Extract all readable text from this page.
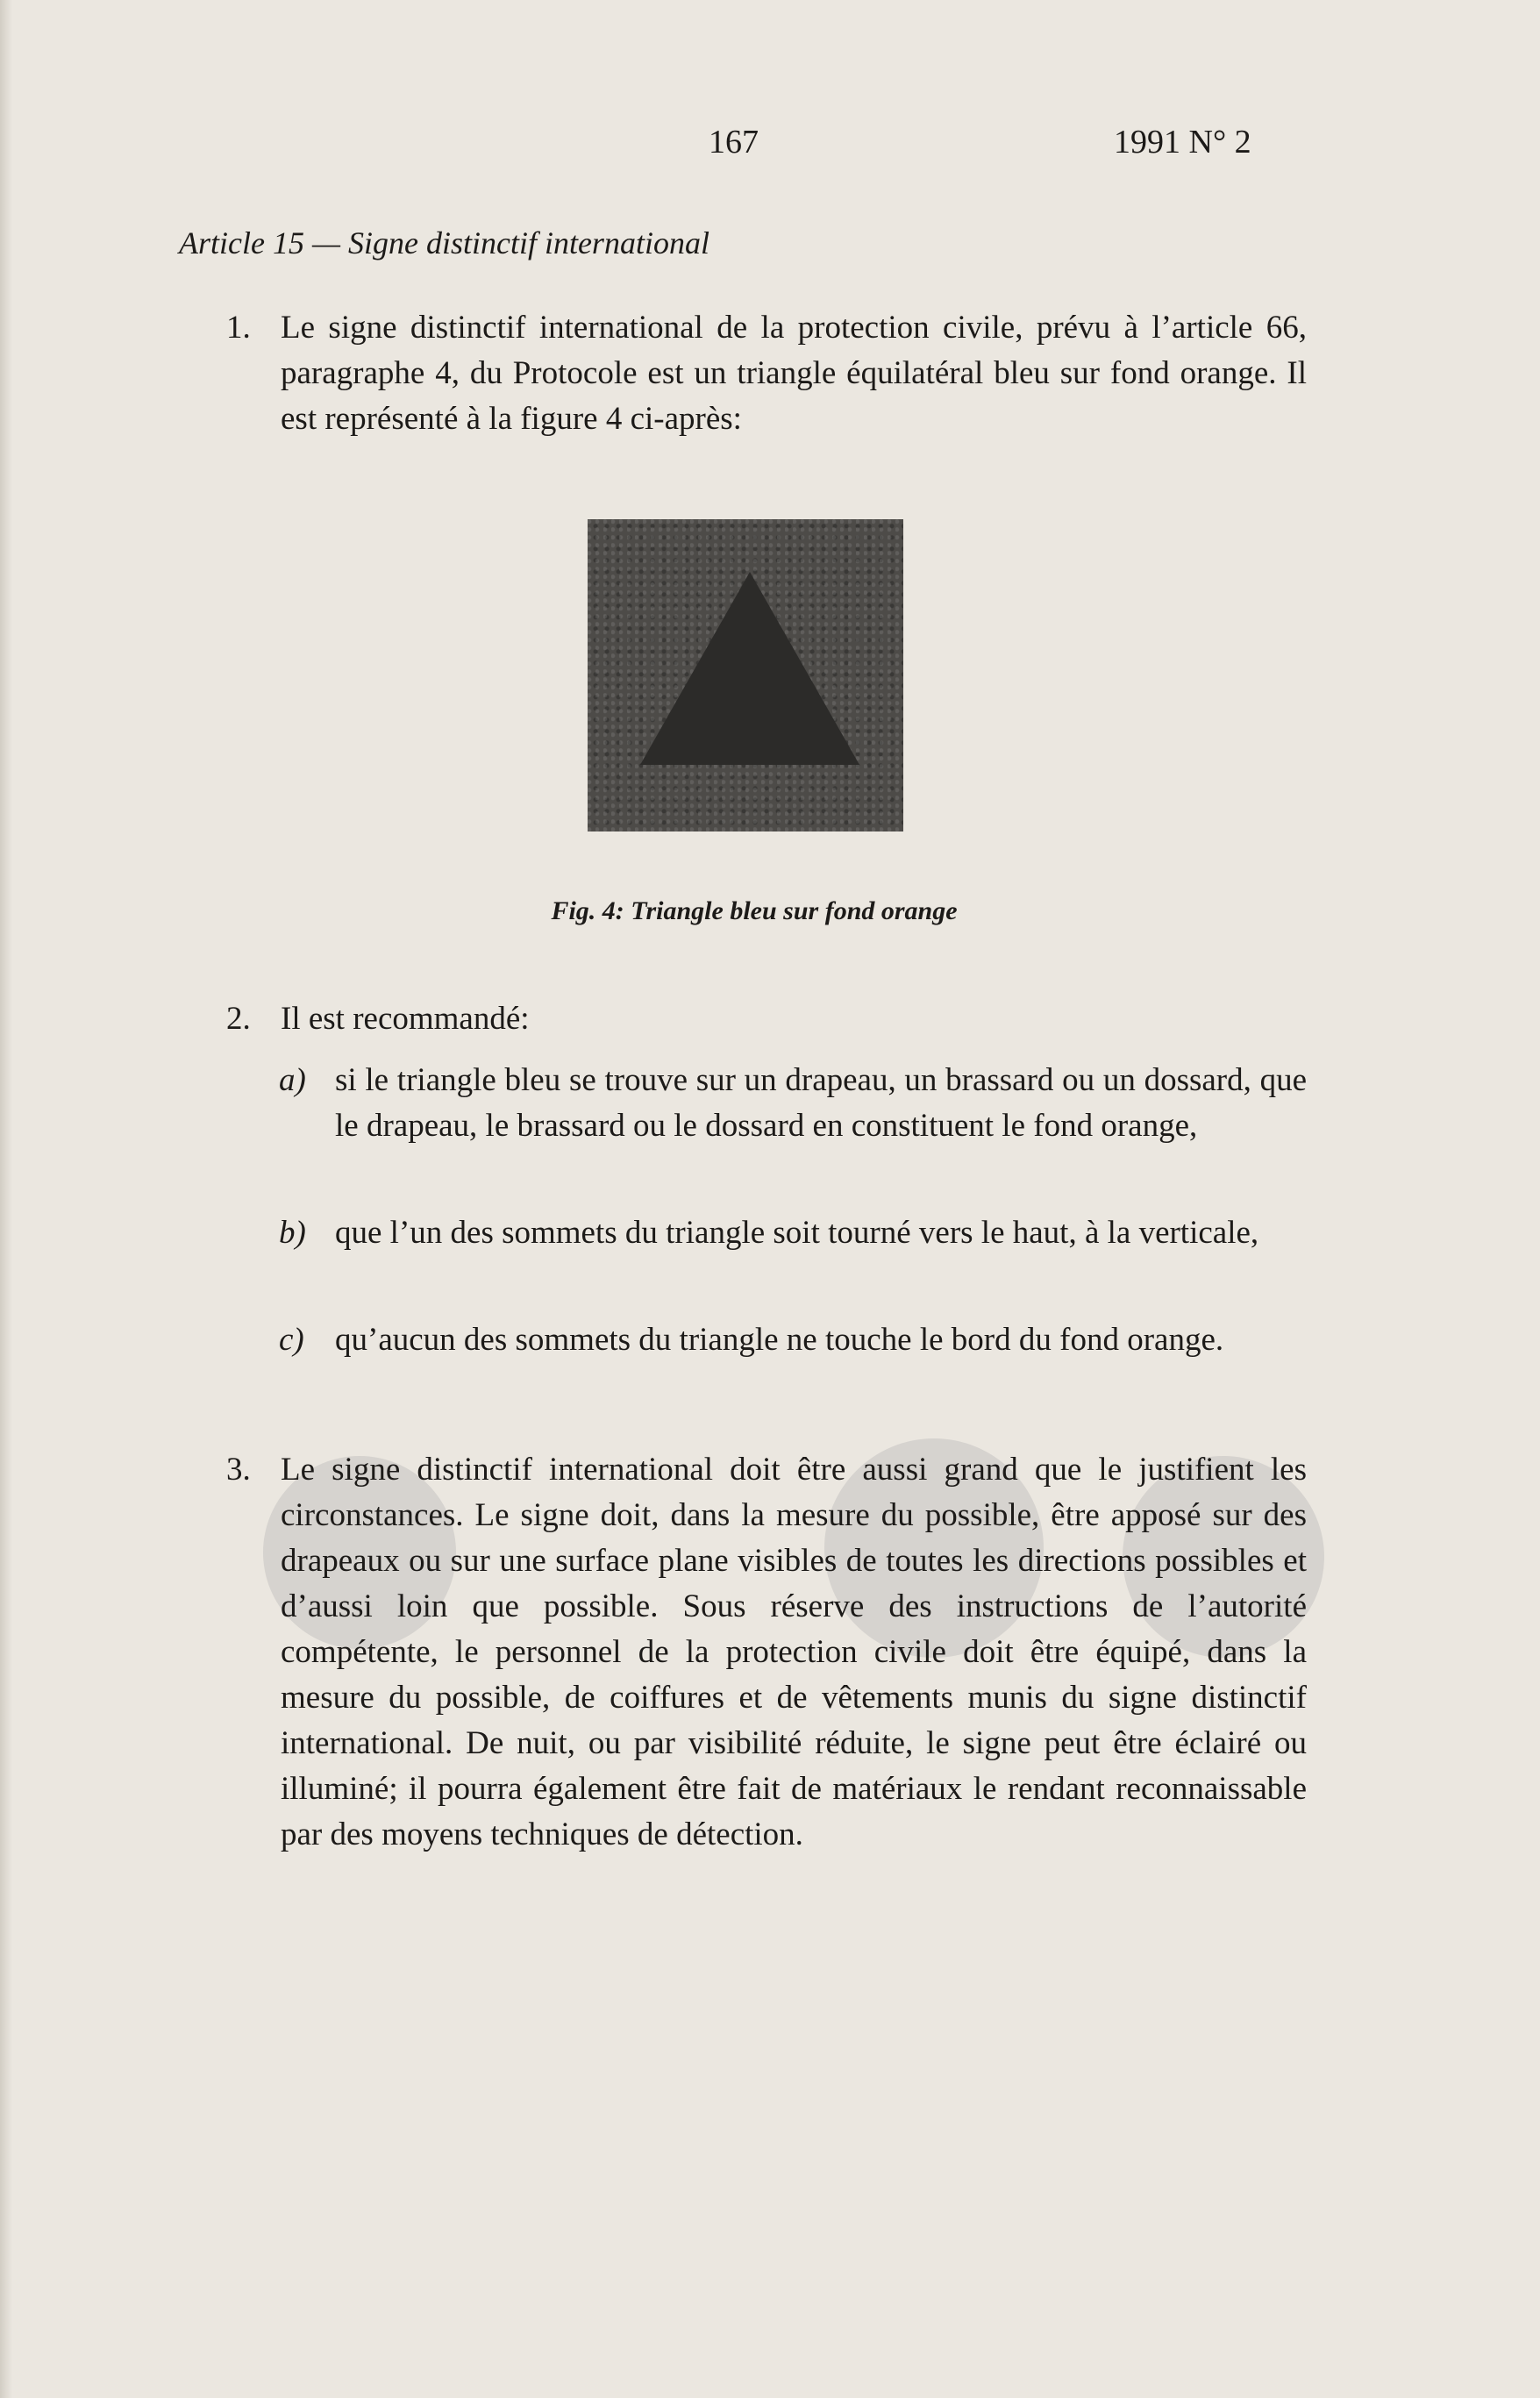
167	1991 N° 2
Article 15 — Signe distinctif international
1. Le signe distinctif international de la protection civile, prévu à l’article 66, paragraphe 4, du Protocole est un triangle équilatéral bleu sur fond orange. Il est représenté à la figure 4 ci-après:
Fig. 4: Triangle bleu sur fond orange
2. Il est recommandé:
a) si le triangle bleu se trouve sur un drapeau, un brassard ou un dossard, que le drapeau, le brassard ou le dossard en constituent le fond orange,
b) que l’un des sommets du triangle soit tourné vers le haut, à la verticale,
c) qu’aucun des sommets du triangle ne touche le bord du fond orange.
3. Le signe distinctif international doit être aussi grand que le justifient les circonstances. Le signe doit, dans la mesure du possible, être apposé sur des drapeaux ou sur une surface plane visibles de toutes les directions possibles et d’aussi loin que possible. Sous réserve des instructions de l’autorité compétente, le personnel de la protection civile doit être équipé, dans la mesure du possible, de coiffures et de vêtements munis du signe distinctif international. De nuit, ou par visibilité réduite, le signe peut être éclairé ou illuminé; il pourra également être fait de matériaux le rendant reconnaissable par des moyens techniques de détection.
